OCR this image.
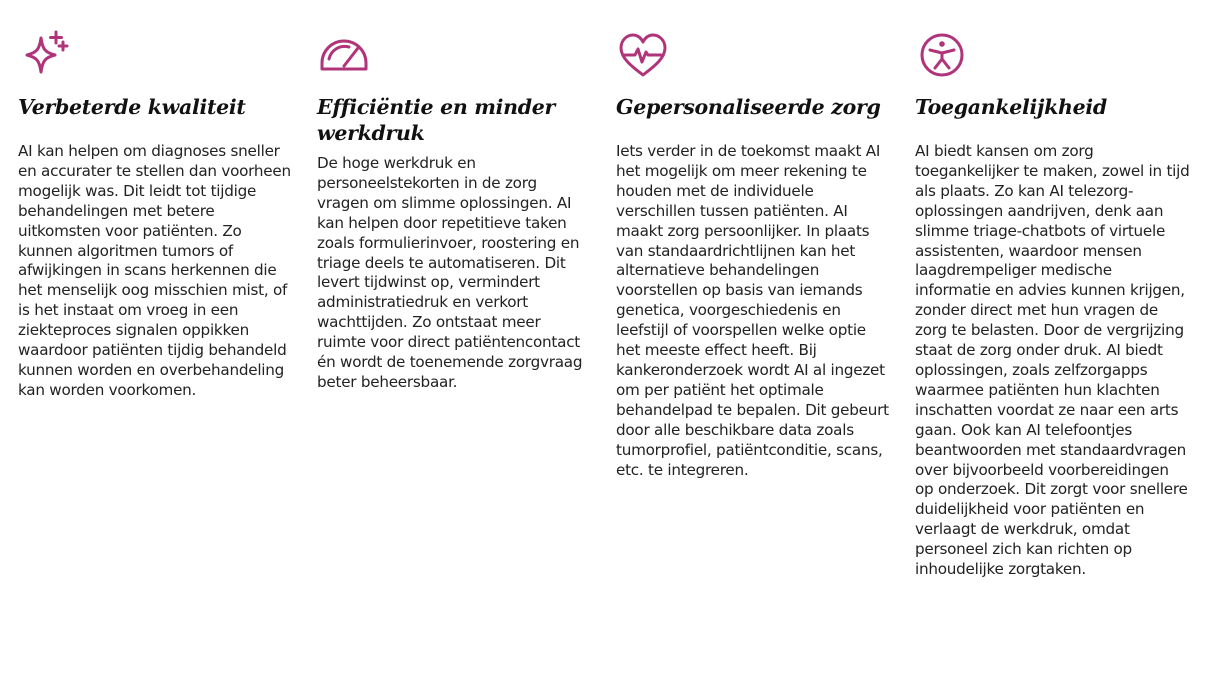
Verbeterde kwaliteit
AI kan helpen om diagnoses sneller en accurater te stellen dan voorheen mogelijk was. Dit leidt tot tijdige behandelingen met betere uitkomsten voor patiënten. Zo kunnen algoritmen tumors of afwijkingen in scans herkennen die het menselijk oog misschien mist, of is het instaat om vroeg in een ziekteproces signalen oppikken waardoor patiënten tijdig behandeld kunnen worden en overbehandeling kan worden voorkomen.
Efficiëntie en minder werkdruk
De hoge werkdruk en personeelstekorten in de zorg vragen om slimme oplossingen. AI kan helpen door repetitieve taken zoals formulierinvoer, roostering en triage deels te automatiseren. Dit levert tijdwinst op, vermindert administratiedruk en verkort wachttijden. Zo ontstaat meer ruimte voor direct patiëntencontact én wordt de toenemende zorgvraag beter beheersbaar.
Gepersonaliseerde zorg
Iets verder in de toekomst maakt AI het mogelijk om meer rekening te houden met de individuele verschillen tussen patiënten. AI maakt zorg persoonlijker. In plaats van standaardrichtlijnen kan het alternatieve behandelingen voorstellen op basis van iemands genetica, voorgeschiedenis en leefstijl of voorspellen welke optie het meeste effect heeft. Bij kankeronderzoek wordt AI al ingezet om per patiënt het optimale behandelpad te bepalen. Dit gebeurt door alle beschikbare data zoals tumorprofiel, patiëntconditie, scans, etc. te integreren.
Toegankelijkheid
AI biedt kansen om zorg toegankelijker te maken, zowel in tijd als plaats. Zo kan AI telezorg-oplossingen aandrijven, denk aan slimme triage-chatbots of virtuele assistenten, waardoor mensen laagdrempeliger medische informatie en advies kunnen krijgen, zonder direct met hun vragen de zorg te belasten. Door de vergrijzing staat de zorg onder druk. AI biedt oplossingen, zoals zelfzorgapps waarmee patiënten hun klachten inschatten voordat ze naar een arts gaan. Ook kan AI telefoontjes beantwoorden met standaardvragen over bijvoorbeeld voorbereidingen op onderzoek. Dit zorgt voor snellere duidelijkheid voor patiënten en verlaagt de werkdruk, omdat personeel zich kan richten op inhoudelijke zorgtaken.
